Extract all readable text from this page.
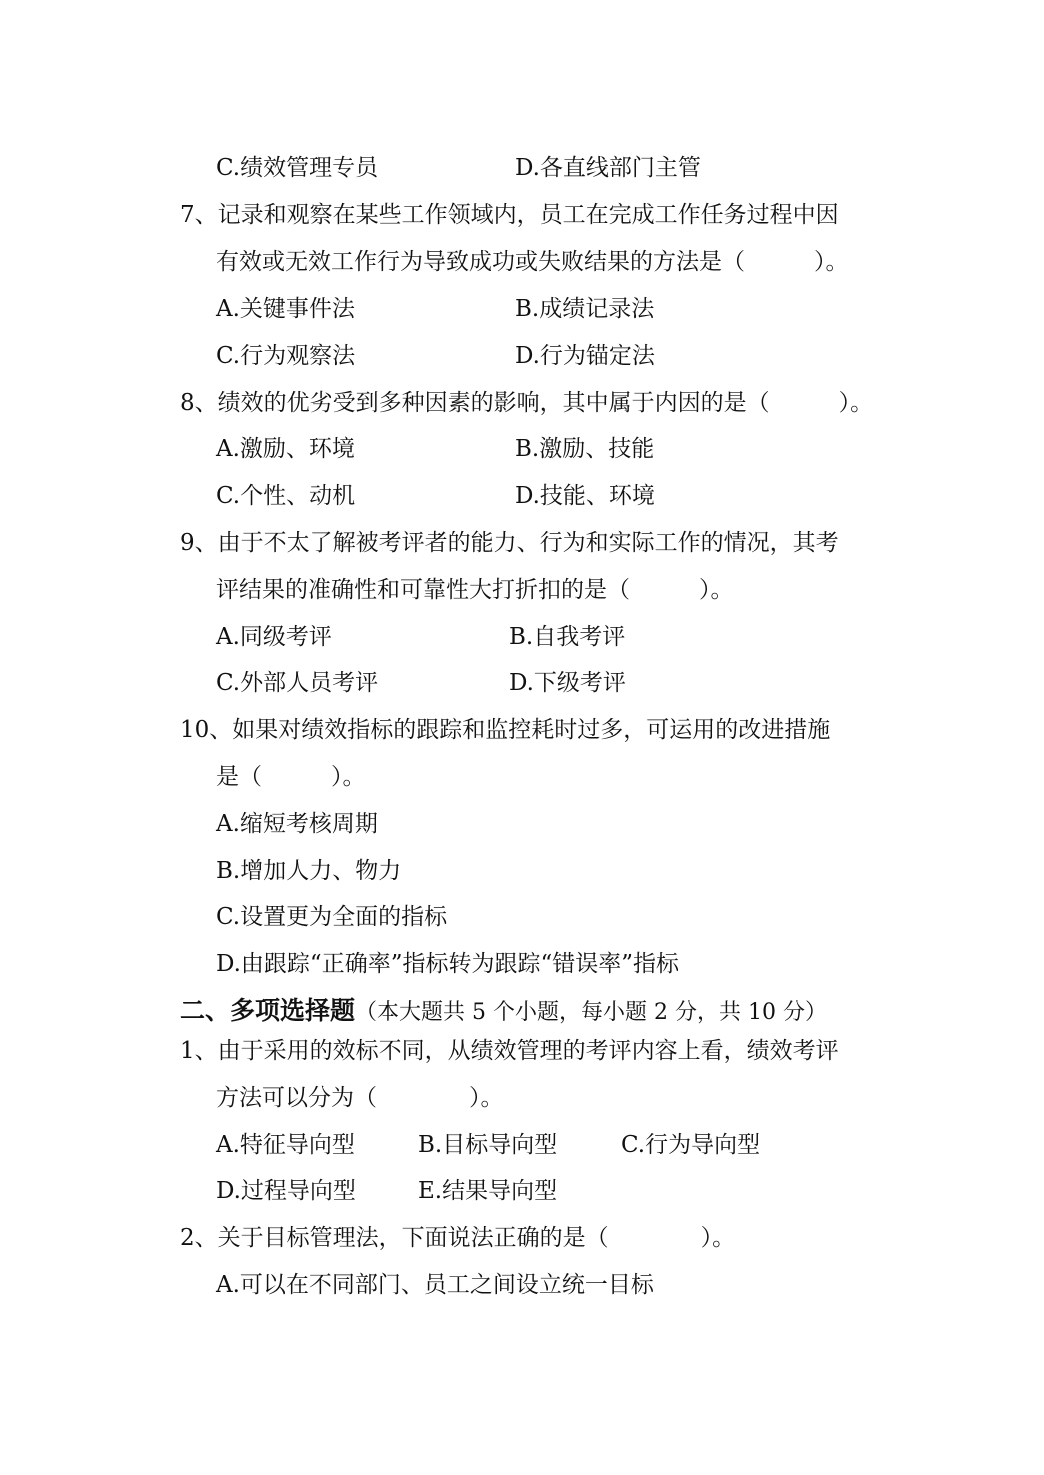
C.绩效管理专员	D.各直线部门主管
7、记录和观察在某些工作领域内，员工在完成工作任务过程中因
有效或无效工作行为导致成功或失败结果的方法是（　　　）。
A.关键事件法	B.成绩记录法
C.行为观察法	D.行为锚定法
8、绩效的优劣受到多种因素的影响，其中属于内因的是（　　　）。
A.激励、环境	B.激励、技能
C.个性、动机	D.技能、环境
9、由于不太了解被考评者的能力、行为和实际工作的情况，其考
评结果的准确性和可靠性大打折扣的是（　　　）。
A.同级考评	B.自我考评
C.外部人员考评	D.下级考评
10、如果对绩效指标的跟踪和监控耗时过多，可运用的改进措施
是（　　　）。
A.缩短考核周期
B.增加人力、物力
C.设置更为全面的指标
D.由跟踪“正确率”指标转为跟踪“错误率”指标
二、多项选择题（本大题共 5 个小题，每小题 2 分，共 10 分）
1、由于采用的效标不同，从绩效管理的考评内容上看，绩效考评
方法可以分为（　　　　）。
A.特征导向型	B.目标导向型	C.行为导向型
D.过程导向型	E.结果导向型
2、关于目标管理法，下面说法正确的是（　　　　）。
A.可以在不同部门、员工之间设立统一目标
